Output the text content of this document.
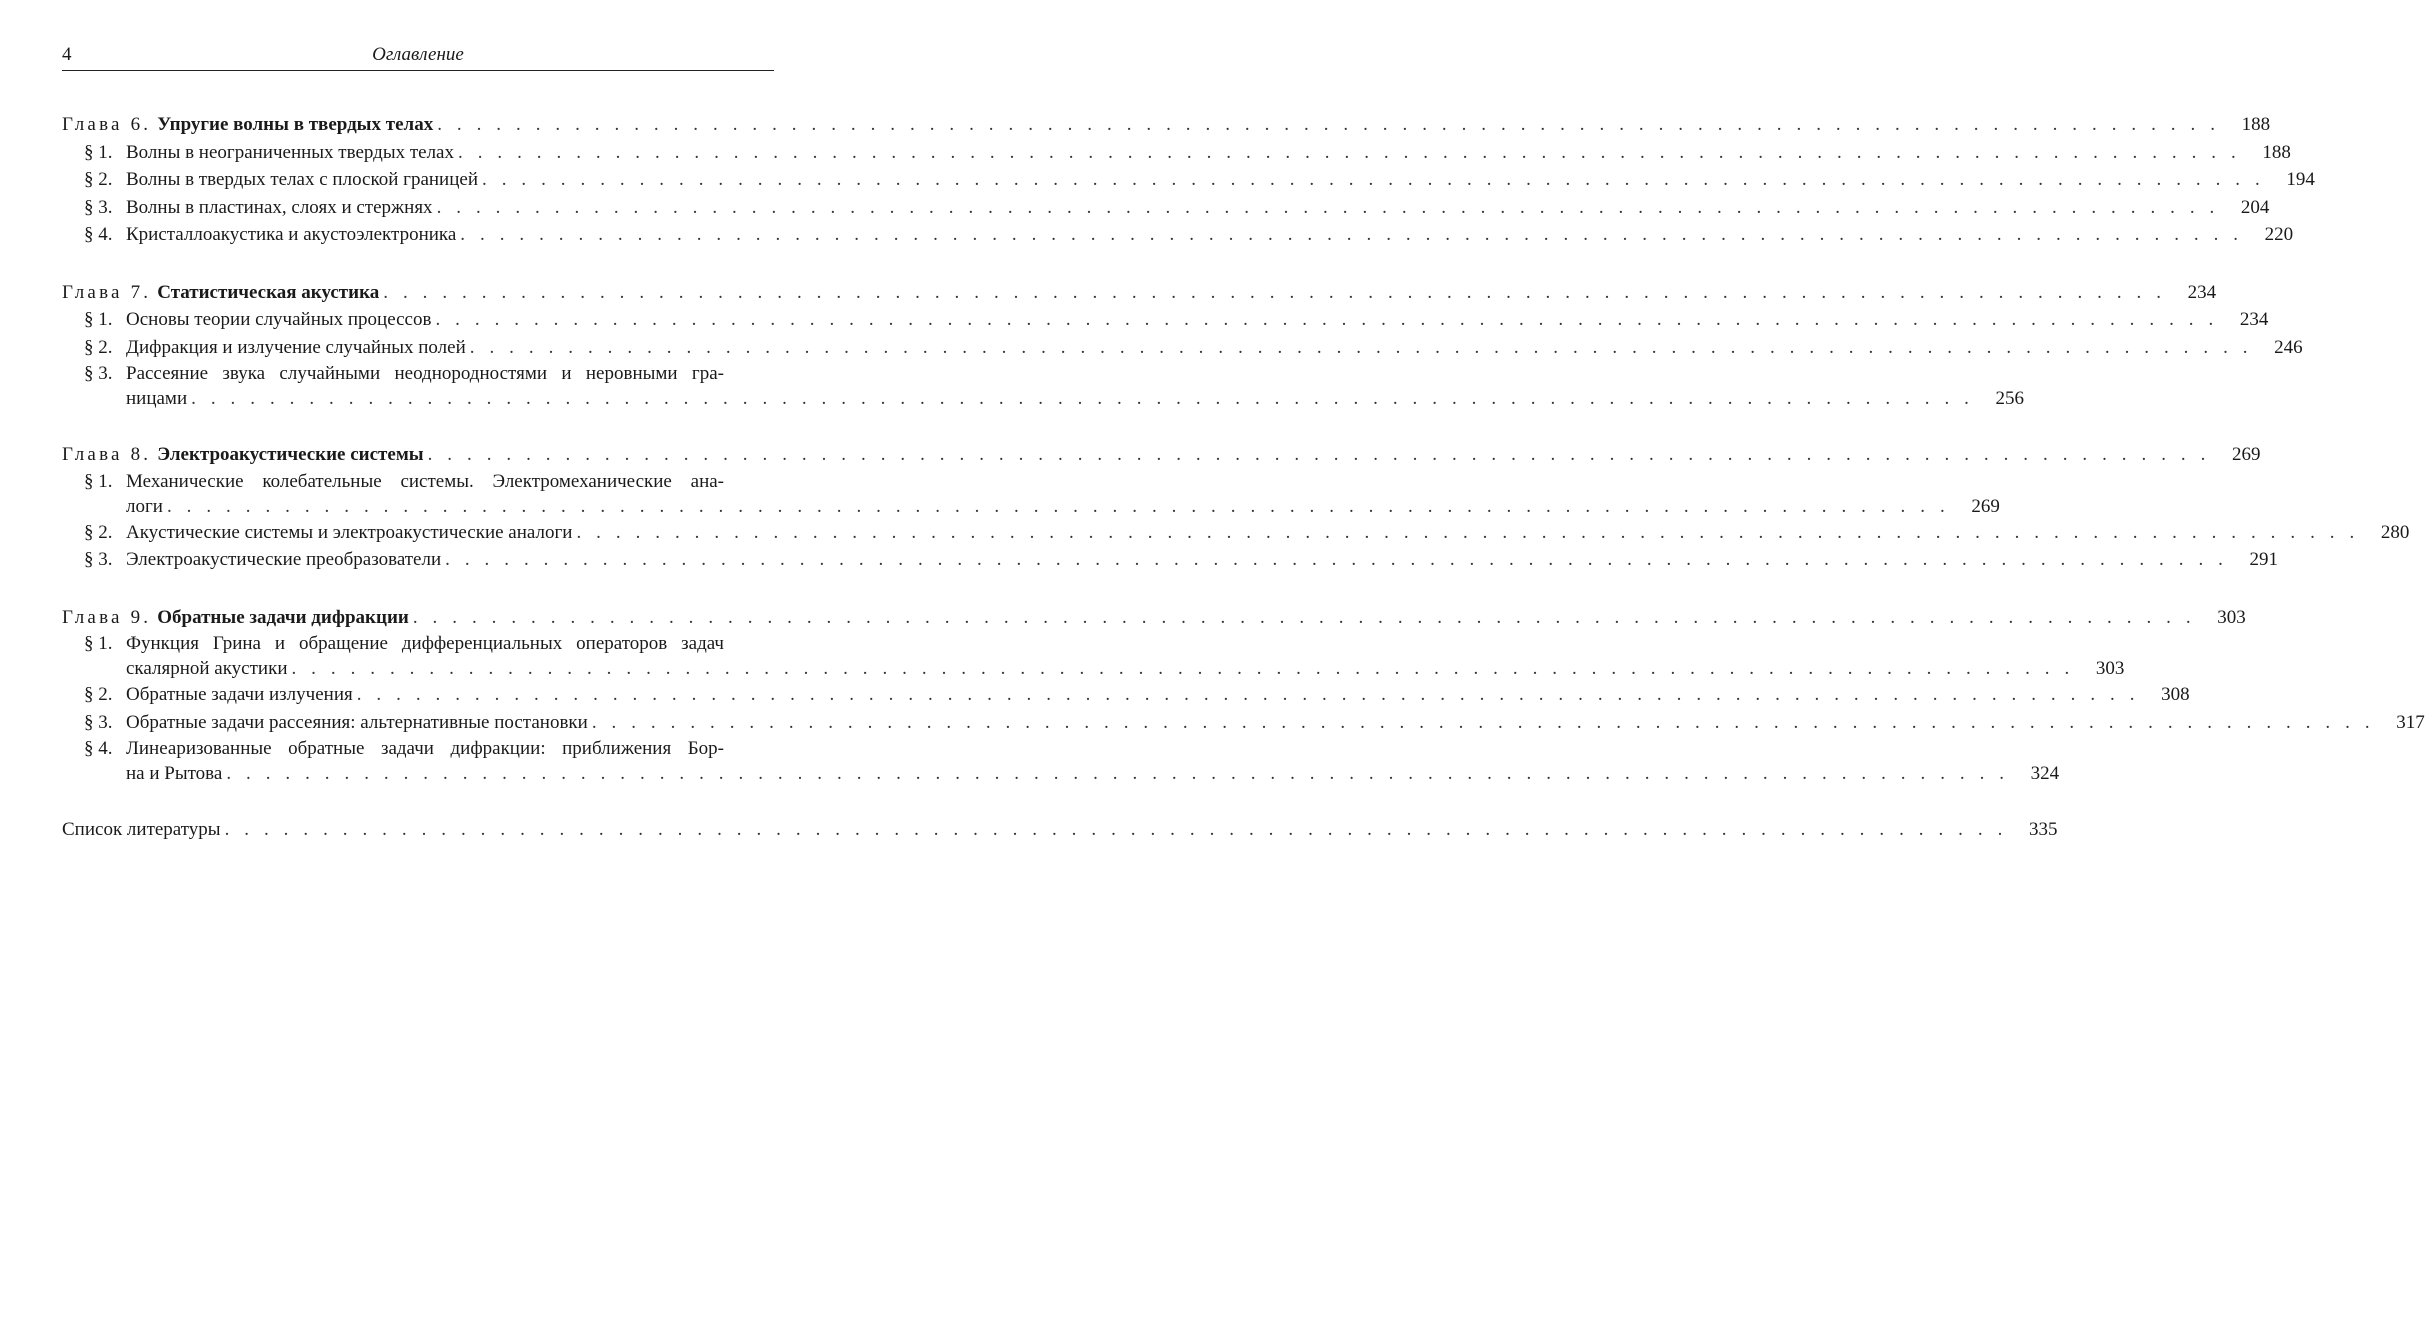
4	Оглавление
Глава 6. Упругие волны в твердых телах . . . . . . . . . . . . . . . . . . . . . . . . . . . . . . . . . . . . . . . . . . . . . . . . . . . . . . . . . . . . . . . . . . . . . . . . . . . . . . . . . . . . . . . . . . .	188
§ 1. Волны в неограниченных твердых телах . . . . . . . . . . . . . . . . . . . . . . . . . . . . . . . . . . . . . . . . . . . . . . . . . . . . . . . . . . . . . . . . . . . . . . . . . . . . . . . . . . . . . . . . . . .	188
§ 2. Волны в твердых телах с плоской границей . . . . . . . . . . . . . . . . . . . . . . . . . . . . . . . . . . . . . . . . . . . . . . . . . . . . . . . . . . . . . . . . . . . . . . . . . . . . . . . . . . . . . . . . . . .	194
§ 3. Волны в пластинах, слоях и стержнях . . . . . . . . . . . . . . . . . . . . . . . . . . . . . . . . . . . . . . . . . . . . . . . . . . . . . . . . . . . . . . . . . . . . . . . . . . . . . . . . . . . . . . . . . . .	204
§ 4. Кристаллоакустика и акустоэлектроника . . . . . . . . . . . . . . . . . . . . . . . . . . . . . . . . . . . . . . . . . . . . . . . . . . . . . . . . . . . . . . . . . . . . . . . . . . . . . . . . . . . . . . . . . . .	220
Глава 7. Статистическая акустика . . . . . . . . . . . . . . . . . . . . . . . . . . . . . . . . . . . . . . . . . . . . . . . . . . . . . . . . . . . . . . . . . . . . . . . . . . . . . . . . . . . . . . . . . . .	234
§ 1. Основы теории случайных процессов . . . . . . . . . . . . . . . . . . . . . . . . . . . . . . . . . . . . . . . . . . . . . . . . . . . . . . . . . . . . . . . . . . . . . . . . . . . . . . . . . . . . . . . . . . .	234
§ 2. Дифракция и излучение случайных полей . . . . . . . . . . . . . . . . . . . . . . . . . . . . . . . . . . . . . . . . . . . . . . . . . . . . . . . . . . . . . . . . . . . . . . . . . . . . . . . . . . . . . . . . . . .	246
§ 3. Рассеяние звука случайными неоднородностями и неровными гра-
ницами . . . . . . . . . . . . . . . . . . . . . . . . . . . . . . . . . . . . . . . . . . . . . . . . . . . . . . . . . . . . . . . . . . . . . . . . . . . . . . . . . . . . . . . . . . .	256
Глава 8. Электроакустические системы . . . . . . . . . . . . . . . . . . . . . . . . . . . . . . . . . . . . . . . . . . . . . . . . . . . . . . . . . . . . . . . . . . . . . . . . . . . . . . . . . . . . . . . . . . .	269
§ 1. Механические колебательные системы. Электромеханические ана-
логи . . . . . . . . . . . . . . . . . . . . . . . . . . . . . . . . . . . . . . . . . . . . . . . . . . . . . . . . . . . . . . . . . . . . . . . . . . . . . . . . . . . . . . . . . . .	269
§ 2. Акустические системы и электроакустические аналоги . . . . . . . . . . . . . . . . . . . . . . . . . . . . . . . . . . . . . . . . . . . . . . . . . . . . . . . . . . . . . . . . . . . . . . . . . . . . . . . . . . . . . . . . . . .	280
§ 3. Электроакустические преобразователи . . . . . . . . . . . . . . . . . . . . . . . . . . . . . . . . . . . . . . . . . . . . . . . . . . . . . . . . . . . . . . . . . . . . . . . . . . . . . . . . . . . . . . . . . . .	291
Глава 9. Обратные задачи дифракции . . . . . . . . . . . . . . . . . . . . . . . . . . . . . . . . . . . . . . . . . . . . . . . . . . . . . . . . . . . . . . . . . . . . . . . . . . . . . . . . . . . . . . . . . . .	303
§ 1. Функция Грина и обращение дифференциальных операторов задач
скалярной акустики . . . . . . . . . . . . . . . . . . . . . . . . . . . . . . . . . . . . . . . . . . . . . . . . . . . . . . . . . . . . . . . . . . . . . . . . . . . . . . . . . . . . . . . . . . .	303
§ 2. Обратные задачи излучения . . . . . . . . . . . . . . . . . . . . . . . . . . . . . . . . . . . . . . . . . . . . . . . . . . . . . . . . . . . . . . . . . . . . . . . . . . . . . . . . . . . . . . . . . . .	308
§ 3. Обратные задачи рассеяния: альтернативные постановки . . . . . . . . . . . . . . . . . . . . . . . . . . . . . . . . . . . . . . . . . . . . . . . . . . . . . . . . . . . . . . . . . . . . . . . . . . . . . . . . . . . . . . . . . . .	317
§ 4. Линеаризованные обратные задачи дифракции: приближения Бор-
на и Рытова . . . . . . . . . . . . . . . . . . . . . . . . . . . . . . . . . . . . . . . . . . . . . . . . . . . . . . . . . . . . . . . . . . . . . . . . . . . . . . . . . . . . . . . . . . .	324
Список литературы . . . . . . . . . . . . . . . . . . . . . . . . . . . . . . . . . . . . . . . . . . . . . . . . . . . . . . . . . . . . . . . . . . . . . . . . . . . . . . . . . . . . . . . . . . .	335
